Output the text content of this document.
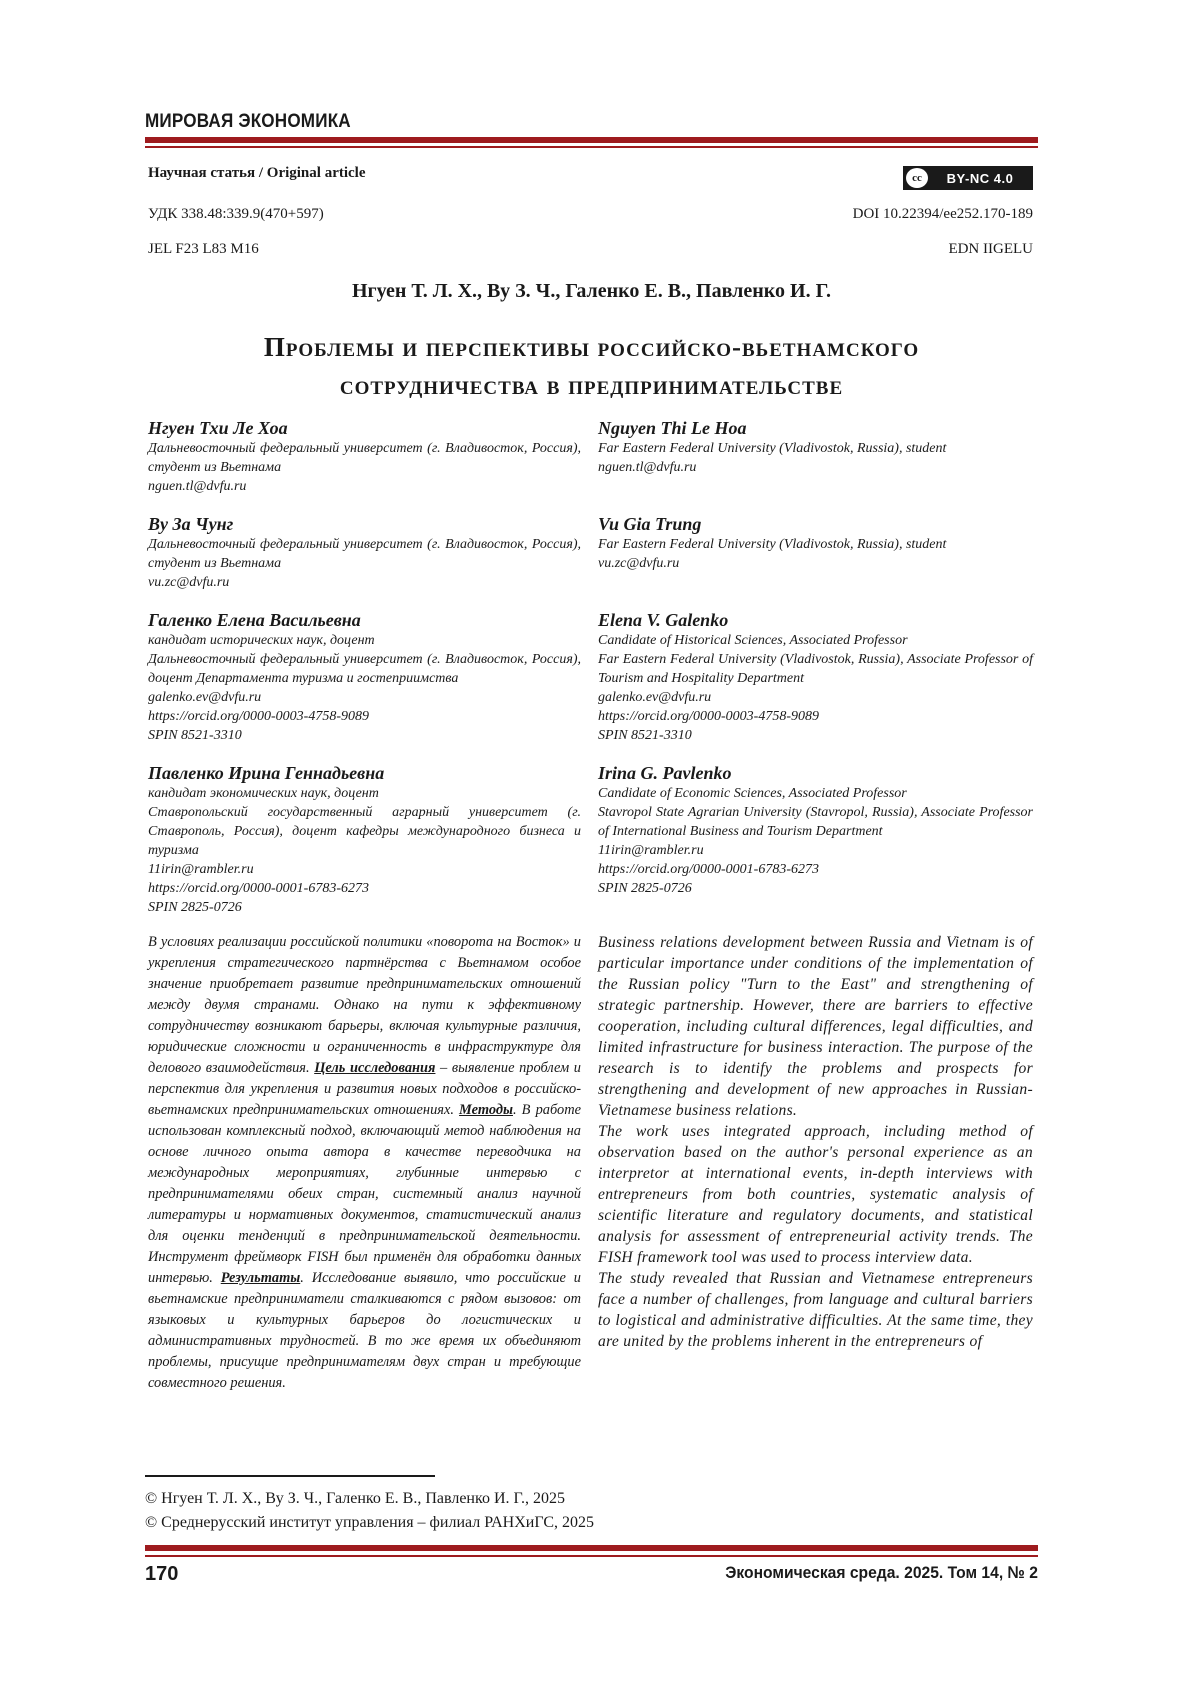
МИРОВАЯ ЭКОНОМИКА
Научная статья / Original article	cc	BY-NC 4.0
УДК 338.48:339.9(470+597)	DOI 10.22394/ee252.170-189
JEL F23 L83 M16	EDN IIGELU
Нгуен Т. Л. Х., Ву З. Ч., Галенко Е. В., Павленко И. Г.
Проблемы и перспективы российско-вьетнамского
сотрудничества в предпринимательстве
Нгуен Тхи Ле Хоа
Дальневосточный федеральный университет (г. Владивосток, Россия), студент из Вьетнама
nguen.tl@dvfu.ru
Ву За Чунг
Дальневосточный федеральный университет (г. Владивосток, Россия), студент из Вьетнама
vu.zc@dvfu.ru
Галенко Елена Васильевна
кандидат исторических наук, доцент
Дальневосточный федеральный университет (г. Владивосток, Россия), доцент Департамента туризма и гостеприимства
galenko.ev@dvfu.ru
https://orcid.org/0000-0003-4758-9089
SPIN 8521-3310
Павленко Ирина Геннадьевна
кандидат экономических наук, доцент
Ставропольский государственный аграрный университет (г. Ставрополь, Россия), доцент кафедры международного бизнеса и туризма
11irin@rambler.ru
https://orcid.org/0000-0001-6783-6273
SPIN 2825-0726
Nguyen Thi Le Hoa
Far Eastern Federal University (Vladivostok, Russia), student
nguen.tl@dvfu.ru
Vu Gia Trung
Far Eastern Federal University (Vladivostok, Russia), student
vu.zc@dvfu.ru
Elena V. Galenko
Candidate of Historical Sciences, Associated Professor
Far Eastern Federal University (Vladivostok, Russia), Associate Professor of Tourism and Hospitality Department
galenko.ev@dvfu.ru
https://orcid.org/0000-0003-4758-9089
SPIN 8521-3310
Irina G. Pavlenko
Candidate of Economic Sciences, Associated Professor
Stavropol State Agrarian University (Stavropol, Russia), Associate Professor of International Business and Tourism Department
11irin@rambler.ru
https://orcid.org/0000-0001-6783-6273
SPIN 2825-0726
В условиях реализации российской политики «поворота на Восток» и укрепления стратегического партнёрства с Вьетнамом особое значение приобретает развитие предпринимательских отношений между двумя странами. Однако на пути к эффективному сотрудничеству возникают барьеры, включая культурные различия, юридические сложности и ограниченность в инфраструктуре для делового взаимодействия. Цель исследования – выявление проблем и перспектив для укрепления и развития новых подходов в российско-вьетнамских предпринимательских отношениях. Методы. В работе использован комплексный подход, включающий метод наблюдения на основе личного опыта автора в качестве переводчика на международных мероприятиях, глубинные интервью с предпринимателями обеих стран, системный анализ научной литературы и нормативных документов, статистический анализ для оценки тенденций в предпринимательской деятельности. Инструмент фреймворк FISH был применён для обработки данных интервью. Результаты. Исследование выявило, что российские и вьетнамские предприниматели сталкиваются с рядом вызовов: от языковых и культурных барьеров до логистических и административных трудностей. В то же время их объединяют проблемы, присущие предпринимателям двух стран и требующие совместного решения.
Business relations development between Russia and Vietnam is of particular importance under conditions of the implementation of the Russian policy "Turn to the East" and strengthening of strategic partnership. However, there are barriers to effective cooperation, including cultural differences, legal difficulties, and limited infrastructure for business interaction. The purpose of the research is to identify the problems and prospects for strengthening and development of new approaches in Russian-Vietnamese business relations.
The work uses integrated approach, including method of observation based on the author's personal experience as an interpretor at international events, in-depth interviews with entrepreneurs from both countries, systematic analysis of scientific literature and regulatory documents, and statistical analysis for assessment of entrepreneurial activity trends. The FISH framework tool was used to process interview data.
The study revealed that Russian and Vietnamese entrepreneurs face a number of challenges, from language and cultural barriers to logistical and administrative difficulties. At the same time, they are united by the problems inherent in the entrepreneurs of
© Нгуен Т. Л. Х., Ву З. Ч., Галенко Е. В., Павленко И. Г., 2025
© Среднерусский институт управления – филиал РАНХиГС, 2025
170	Экономическая среда. 2025. Том 14, № 2
